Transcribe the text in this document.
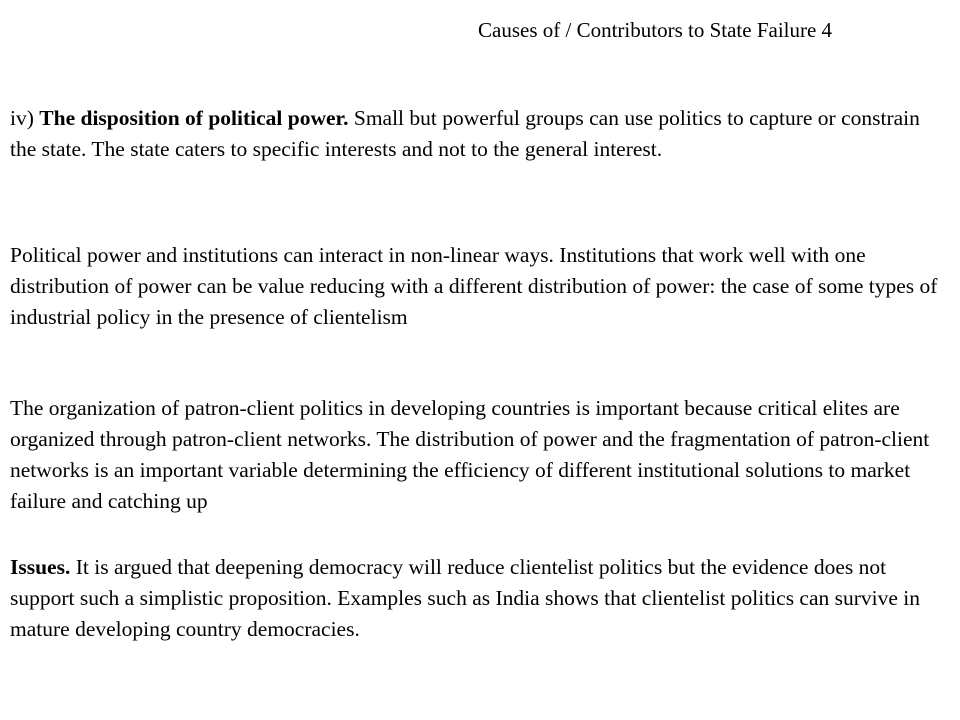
Causes of / Contributors to State Failure 4

iv) The disposition of political power. Small but powerful groups can use politics to capture or constrain the state. The state caters to specific interests and not to the general interest.

Political power and institutions can interact in non-linear ways. Institutions that work well with one distribution of power can be value reducing with a different distribution of power: the case of some types of industrial policy in the presence of clientelism

The organization of patron-client politics in developing countries is important because critical elites are organized through patron-client networks. The distribution of power and the fragmentation of patron-client networks is an important variable determining the efficiency of different institutional solutions to market failure and catching up

Issues. It is argued that deepening democracy will reduce clientelist politics but the evidence does not support such a simplistic proposition. Examples such as India shows that clientelist politics can survive in mature developing country democracies.
